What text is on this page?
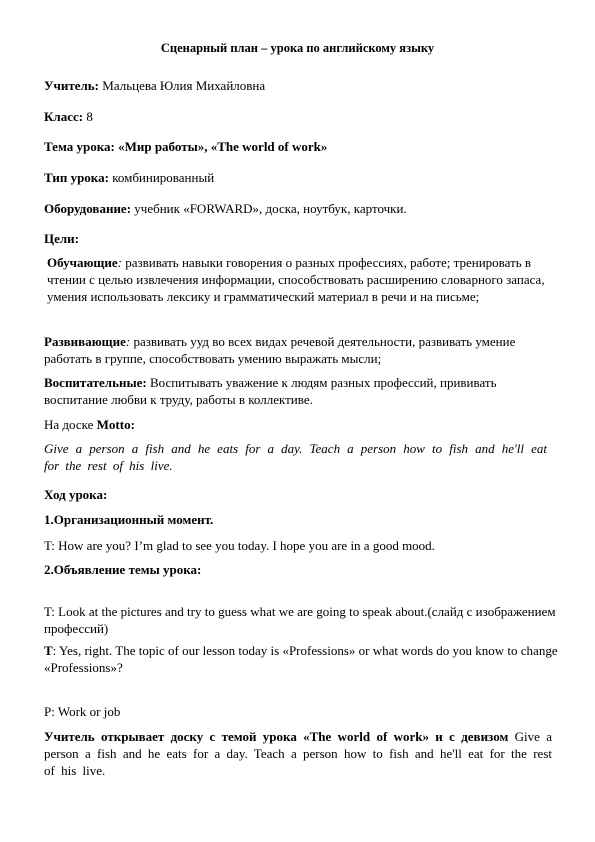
Сценарный план – урока по английскому языку
Учитель: Мальцева Юлия Михайловна
Класс: 8
Тема урока: «Мир работы», «The world of work»
Тип урока: комбинированный
Оборудование: учебник «FORWARD», доска, ноутбук, карточки.
Цели:
Обучающие: развивать навыки говорения о разных профессиях, работе; тренировать в чтении с целью извлечения информации, способствовать расширению словарного запаса, умения использовать лексику и грамматический материал в речи и на письме;
Развивающие: развивать ууд во всех видах речевой деятельности, развивать умение работать в группе, способствовать умению выражать мысли;
Воспитательные: Воспитывать уважение к людям разных профессий, прививать воспитание любви к труду, работы в коллективе.
На доске Motto:
Give a person a fish and he eats for a day. Teach a person how to fish and he'll eat for the rest of his live.
Ход урока:
1.Организационный момент.
T: How are you? I’m glad to see you today. I hope you are in a good mood.
2.Объявление темы урока:
T: Look at the pictures and try to guess what we are going to speak about.(слайд с изображением профессий)
T: Yes, right. The topic of our lesson today is «Professions» or what words do you know to change «Professions»?
P: Work or job
Учитель открывает доску с темой урока «The world of work» и с девизом Give a person a fish and he eats for a day. Teach a person how to fish and he'll eat for the rest of his live.
